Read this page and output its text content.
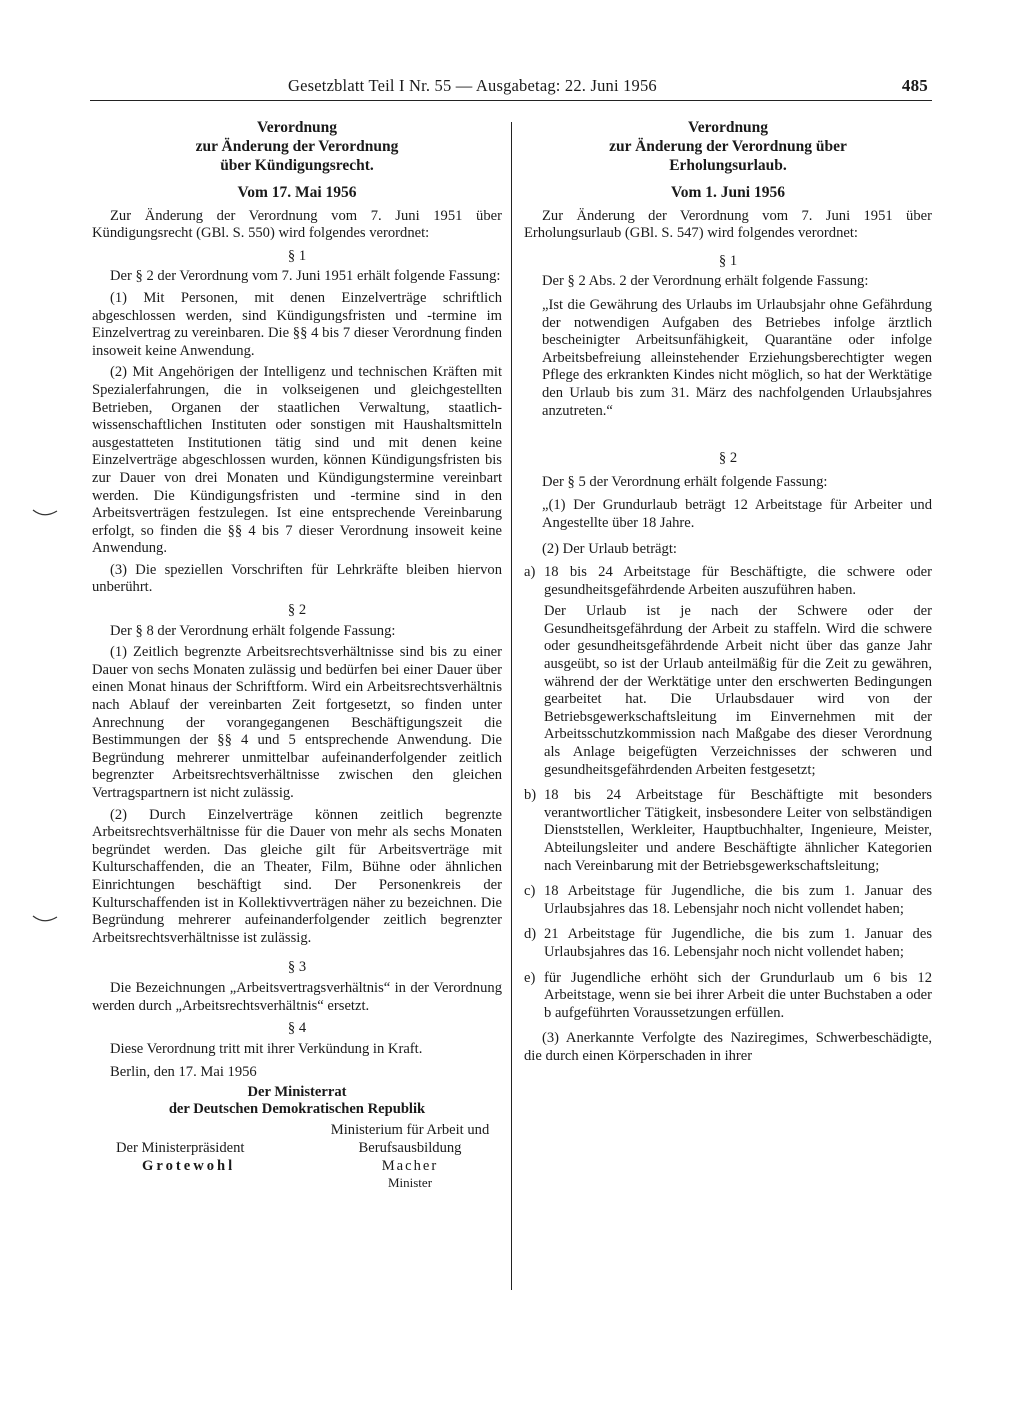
Gesetzblatt Teil I Nr. 55 — Ausgabetag: 22. Juni 1956	485
Verordnung
zur Änderung der Verordnung
über Kündigungsrecht.
Vom 17. Mai 1956

Zur Änderung der Verordnung vom 7. Juni 1951 über Kündigungsrecht (GBl. S. 550) wird folgendes verordnet:

§ 1

Der § 2 der Verordnung vom 7. Juni 1951 erhält folgende Fassung:

(1) Mit Personen, mit denen Einzelverträge schriftlich abgeschlossen werden, sind Kündigungsfristen und -termine im Einzelvertrag zu vereinbaren. Die §§ 4 bis 7 dieser Verordnung finden insoweit keine Anwendung.

(2) Mit Angehörigen der Intelligenz und technischen Kräften mit Spezialerfahrungen, die in volkseigenen und gleichgestellten Betrieben, Organen der staatlichen Verwaltung, staatlich-wissenschaftlichen Instituten oder sonstigen mit Haushaltsmitteln ausgestatteten Institutionen tätig sind und mit denen keine Einzelverträge abgeschlossen wurden, können Kündigungsfristen bis zur Dauer von drei Monaten und Kündigungstermine vereinbart werden. Die Kündigungsfristen und -termine sind in den Arbeitsverträgen festzulegen. Ist eine entsprechende Vereinbarung erfolgt, so finden die §§ 4 bis 7 dieser Verordnung insoweit keine Anwendung.

(3) Die speziellen Vorschriften für Lehrkräfte bleiben hiervon unberührt.

§ 2

Der § 8 der Verordnung erhält folgende Fassung:

(1) Zeitlich begrenzte Arbeitsrechtsverhältnisse sind bis zu einer Dauer von sechs Monaten zulässig und bedürfen bei einer Dauer über einen Monat hinaus der Schriftform. Wird ein Arbeitsrechtsverhältnis nach Ablauf der vereinbarten Zeit fortgesetzt, so finden unter Anrechnung der vorangegangenen Beschäftigungszeit die Bestimmungen der §§ 4 und 5 entsprechende Anwendung. Die Begründung mehrerer unmittelbar aufeinanderfolgender zeitlich begrenzter Arbeitsrechtsverhältnisse zwischen den gleichen Vertragspartnern ist nicht zulässig.

(2) Durch Einzelverträge können zeitlich begrenzte Arbeitsrechtsverhältnisse für die Dauer von mehr als sechs Monaten begründet werden. Das gleiche gilt für Arbeitsverträge mit Kulturschaffenden, die an Theater, Film, Bühne oder ähnlichen Einrichtungen beschäftigt sind. Der Personenkreis der Kulturschaffenden ist in Kollektivverträgen näher zu bezeichnen. Die Begründung mehrerer aufeinanderfolgender zeitlich begrenzter Arbeitsrechtsverhältnisse ist zulässig.

§ 3

Die Bezeichnungen „Arbeitsvertragsverhältnis“ in der Verordnung werden durch „Arbeitsrechtsverhältnis“ ersetzt.

§ 4

Diese Verordnung tritt mit ihrer Verkündung in Kraft.

Berlin, den 17. Mai 1956
Der Ministerrat
der Deutschen Demokratischen Republik
Der Ministerpräsident
Grotewohl
Ministerium für Arbeit und Berufsausbildung
Macher
Minister
Verordnung
zur Änderung der Verordnung über
Erholungsurlaub.
Vom 1. Juni 1956

Zur Änderung der Verordnung vom 7. Juni 1951 über Erholungsurlaub (GBl. S. 547) wird folgendes verordnet:

§ 1

Der § 2 Abs. 2 der Verordnung erhält folgende Fassung:

„Ist die Gewährung des Urlaubs im Urlaubsjahr ohne Gefährdung der notwendigen Aufgaben des Betriebes infolge ärztlich bescheinigter Arbeitsunfähigkeit, Quarantäne oder infolge Arbeitsbefreiung alleinstehender Erziehungsberechtigter wegen Pflege des erkrankten Kindes nicht möglich, so hat der Werktätige den Urlaub bis zum 31. März des nachfolgenden Urlaubsjahres anzutreten.“

§ 2

Der § 5 der Verordnung erhält folgende Fassung:

„(1) Der Grundurlaub beträgt 12 Arbeitstage für Arbeiter und Angestellte über 18 Jahre.

(2) Der Urlaub beträgt:

a) 18 bis 24 Arbeitstage für Beschäftigte, die schwere oder gesundheitsgefährdende Arbeiten auszuführen haben.

Der Urlaub ist je nach der Schwere oder der Gesundheitsgefährdung der Arbeit zu staffeln. Wird die schwere oder gesundheitsgefährdende Arbeit nicht über das ganze Jahr ausgeübt, so ist der Urlaub anteilmäßig für die Zeit zu gewähren, während der der Werktätige unter den erschwerten Bedingungen gearbeitet hat. Die Urlaubsdauer wird von der Betriebsgewerkschaftsleitung im Einvernehmen mit der Arbeitsschutzkommission nach Maßgabe des dieser Verordnung als Anlage beigefügten Verzeichnisses der schweren und gesundheitsgefährdenden Arbeiten festgesetzt;

b) 18 bis 24 Arbeitstage für Beschäftigte mit besonders verantwortlicher Tätigkeit, insbesondere Leiter von selbständigen Dienststellen, Werkleiter, Hauptbuchhalter, Ingenieure, Meister, Abteilungsleiter und andere Beschäftigte ähnlicher Kategorien nach Vereinbarung mit der Betriebsgewerkschaftsleitung;
c) 18 Arbeitstage für Jugendliche, die bis zum 1. Januar des Urlaubsjahres das 18. Lebensjahr noch nicht vollendet haben;
d) 21 Arbeitstage für Jugendliche, die bis zum 1. Januar des Urlaubsjahres das 16. Lebensjahr noch nicht vollendet haben;
e) für Jugendliche erhöht sich der Grundurlaub um 6 bis 12 Arbeitstage, wenn sie bei ihrer Arbeit die unter Buchstaben a oder b aufgeführten Voraussetzungen erfüllen.

(3) Anerkannte Verfolgte des Naziregimes, Schwerbeschädigte, die durch einen Körperschaden in ihrer
